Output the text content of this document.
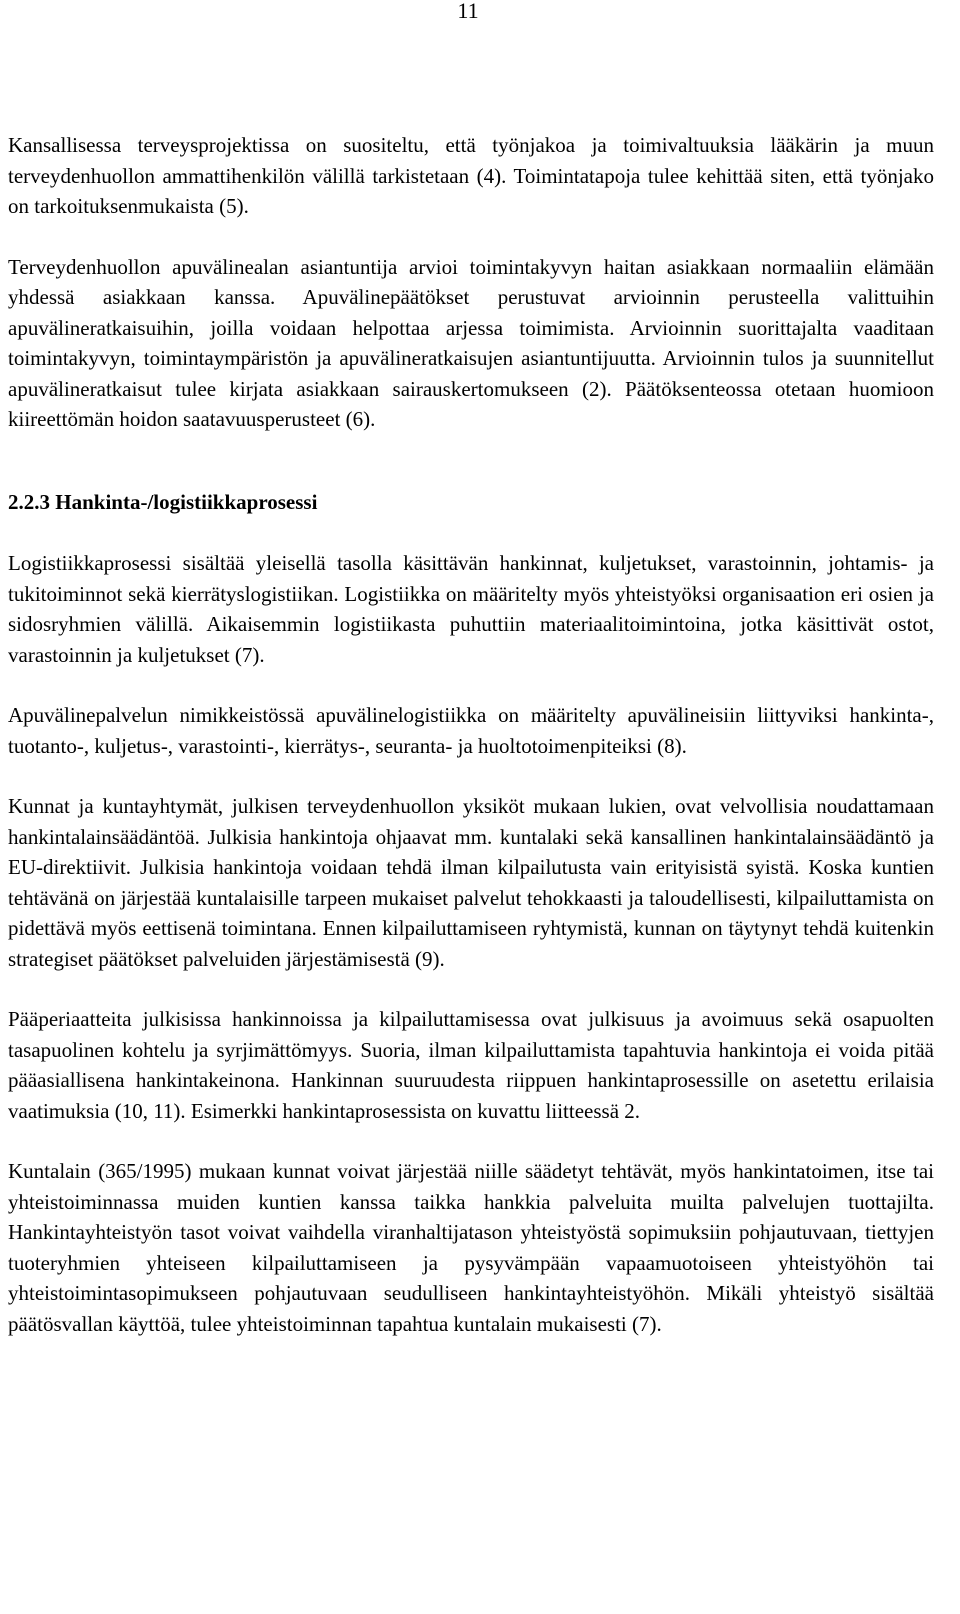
11

Kansallisessa terveysprojektissa on suositeltu, että työnjakoa ja toimivaltuuksia lääkärin ja muun terveydenhuollon ammattihenkilön välillä tarkistetaan (4). Toimintatapoja tulee kehittää siten, että työnjako on tarkoituksenmukaista (5).

Terveydenhuollon apuvälinealan asiantuntija arvioi toimintakyvyn haitan asiakkaan normaaliin elämään yhdessä asiakkaan kanssa. Apuvälinepäätökset perustuvat arvioinnin perusteella valittuihin apuvälineratkaisuihin, joilla voidaan helpottaa arjessa toimimista. Arvioinnin suorittajalta vaaditaan toimintakyvyn, toimintaympäristön ja apuvälineratkaisujen asiantuntijuutta. Arvioinnin tulos ja suunnitellut apuvälineratkaisut tulee kirjata asiakkaan sairauskertomukseen (2). Päätöksenteossa otetaan huomioon kiireettömän hoidon saatavuusperusteet (6).

2.2.3 Hankinta-/logistiikkaprosessi

Logistiikkaprosessi sisältää yleisellä tasolla käsittävän hankinnat, kuljetukset, varastoinnin, johtamis- ja tukitoiminnot sekä kierrätyslogistiikan. Logistiikka on määritelty myös yhteistyöksi organisaation eri osien ja sidosryhmien välillä. Aikaisemmin logistiikasta puhuttiin materiaalitoimintoina, jotka käsittivät ostot, varastoinnin ja kuljetukset (7).

Apuvälinepalvelun nimikkeistössä apuvälinelogistiikka on määritelty apuvälineisiin liittyviksi hankinta-, tuotanto-, kuljetus-, varastointi-, kierrätys-, seuranta- ja huoltotoimenpiteiksi (8).

Kunnat ja kuntayhtymät, julkisen terveydenhuollon yksiköt mukaan lukien, ovat velvollisia noudattamaan hankintalainsäädäntöä. Julkisia hankintoja ohjaavat mm. kuntalaki sekä kansallinen hankintalainsäädäntö ja EU-direktiivit. Julkisia hankintoja voidaan tehdä ilman kilpailutusta vain erityisistä syistä. Koska kuntien tehtävänä on järjestää kuntalaisille tarpeen mukaiset palvelut tehokkaasti ja taloudellisesti, kilpailuttamista on pidettävä myös eettisenä toimintana. Ennen kilpailuttamiseen ryhtymistä, kunnan on täytynyt tehdä kuitenkin strategiset päätökset palveluiden järjestämisestä (9).

Pääperiaatteita julkisissa hankinnoissa ja kilpailuttamisessa ovat julkisuus ja avoimuus sekä osapuolten tasapuolinen kohtelu ja syrjimättömyys. Suoria, ilman kilpailuttamista tapahtuvia hankintoja ei voida pitää pääasiallisena hankintakeinona. Hankinnan suuruudesta riippuen hankintaprosessille on asetettu erilaisia vaatimuksia (10, 11). Esimerkki hankintaprosessista on kuvattu liitteessä 2.

Kuntalain (365/1995) mukaan kunnat voivat järjestää niille säädetyt tehtävät, myös hankintatoimen, itse tai yhteistoiminnassa muiden kuntien kanssa taikka hankkia palveluita muilta palvelujen tuottajilta. Hankintayhteistyön tasot voivat vaihdella viranhaltijatason yhteistyöstä sopimuksiin pohjautuvaan, tiettyjen tuoteryhmien yhteiseen kilpailuttamiseen ja pysyvämpään vapaamuotoiseen yhteistyöhön tai yhteistoimintasopimukseen pohjautuvaan seudulliseen hankintayhteistyöhön. Mikäli yhteistyö sisältää päätösvallan käyttöä, tulee yhteistoiminnan tapahtua kuntalain mukaisesti (7).
